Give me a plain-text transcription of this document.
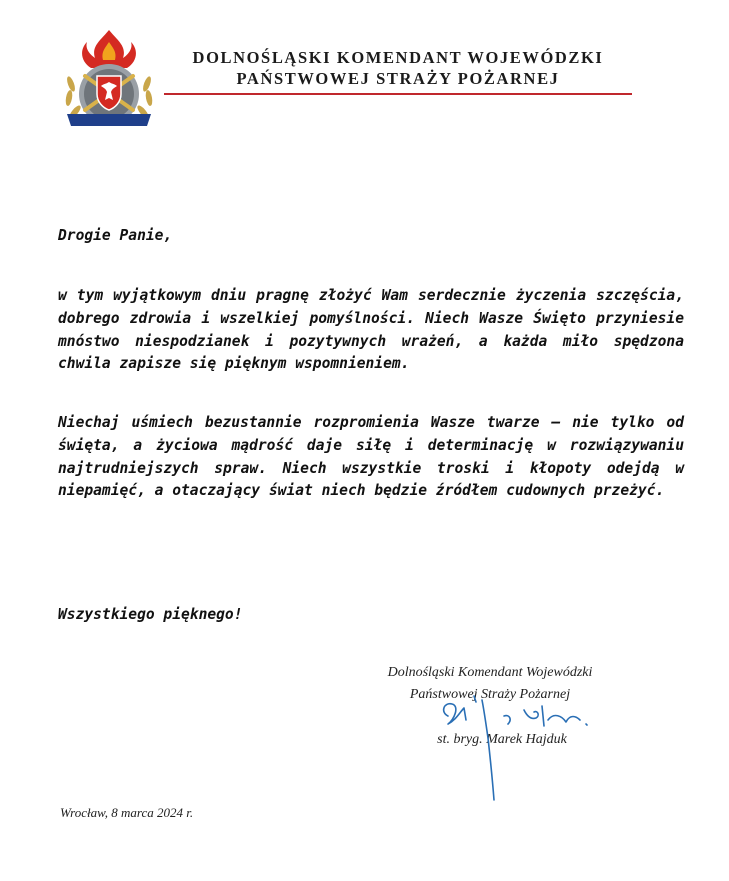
DOLNOŚLĄSKI KOMENDANT WOJEWÓDZKI
PAŃSTWOWEJ STRAŻY POŻARNEJ
Drogie Panie,
w tym wyjątkowym dniu pragnę złożyć Wam serdecznie życzenia szczęścia, dobrego zdrowia i wszelkiej pomyślności. Niech Wasze Święto przyniesie mnóstwo niespodzianek i pozytywnych wrażeń, a każda miło spędzona chwila zapisze się pięknym wspomnieniem.
Niechaj uśmiech bezustannie rozpromienia Wasze twarze – nie tylko od święta, a życiowa mądrość daje siłę i determinację w rozwiązywaniu najtrudniejszych spraw. Niech wszystkie troski i kłopoty odejdą w niepamięć, a otaczający świat niech będzie źródłem cudownych przeżyć.
Wszystkiego pięknego!
Dolnośląski Komendant Wojewódzki
Państwowej Straży Pożarnej
st. bryg. Marek Hajduk
Wrocław, 8 marca 2024 r.
